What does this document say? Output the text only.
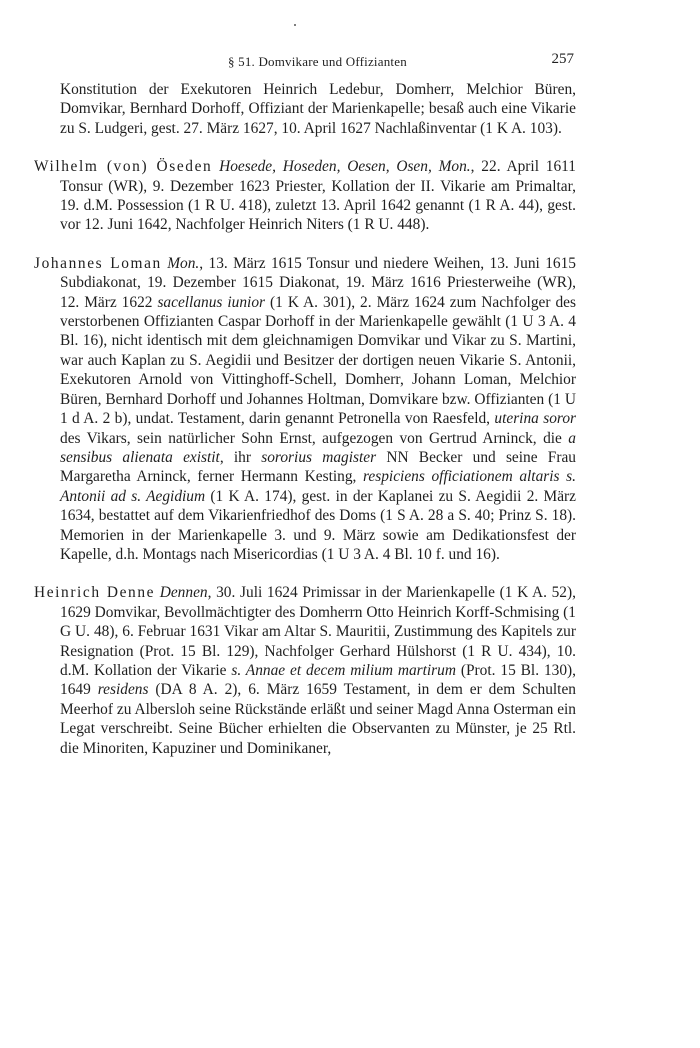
§ 51. Domvikare und Offizianten	257

Konstitution der Exekutoren Heinrich Ledebur, Domherr, Melchior Büren, Domvikar, Bernhard Dorhoff, Offiziant der Marienkapelle; besaß auch eine Vikarie zu S. Ludgeri, gest. 27. März 1627, 10. April 1627 Nachlaßinventar (1 K A. 103).

Wilhelm (von) Öseden Hoesede, Hoseden, Oesen, Osen, Mon., 22. April 1611 Tonsur (WR), 9. Dezember 1623 Priester, Kollation der II. Vikarie am Primaltar, 19. d.M. Possession (1 R U. 418), zuletzt 13. April 1642 genannt (1 R A. 44), gest. vor 12. Juni 1642, Nachfolger Heinrich Niters (1 R U. 448).

Johannes Loman Mon., 13. März 1615 Tonsur und niedere Weihen, 13. Juni 1615 Subdiakonat, 19. Dezember 1615 Diakonat, 19. März 1616 Priesterweihe (WR), 12. März 1622 sacellanus iunior (1 K A. 301), 2. März 1624 zum Nachfolger des verstorbenen Offizianten Caspar Dorhoff in der Marienkapelle gewählt (1 U 3 A. 4 Bl. 16), nicht identisch mit dem gleichnamigen Domvikar und Vikar zu S. Martini, war auch Kaplan zu S. Aegidii und Besitzer der dortigen neuen Vikarie S. Antonii, Exekutoren Arnold von Vittinghoff-Schell, Domherr, Johann Loman, Melchior Büren, Bernhard Dorhoff und Johannes Holtman, Domvikare bzw. Offizianten (1 U 1 d A. 2 b), undat. Testament, darin genannt Petronella von Raesfeld, uterina soror des Vikars, sein natürlicher Sohn Ernst, aufgezogen von Gertrud Arninck, die a sensibus alienata existit, ihr sororius magister NN Becker und seine Frau Margaretha Arninck, ferner Hermann Kesting, respiciens officiationem altaris s. Antonii ad s. Aegidium (1 K A. 174), gest. in der Kaplanei zu S. Aegidii 2. März 1634, bestattet auf dem Vikarienfriedhof des Doms (1 S A. 28 a S. 40; Prinz S. 18). Memorien in der Marienkapelle 3. und 9. März sowie am Dedikationsfest der Kapelle, d.h. Montags nach Misericordias (1 U 3 A. 4 Bl. 10 f. und 16).

Heinrich Denne Dennen, 30. Juli 1624 Primissar in der Marienkapelle (1 K A. 52), 1629 Domvikar, Bevollmächtigter des Domherrn Otto Heinrich Korff-Schmising (1 G U. 48), 6. Februar 1631 Vikar am Altar S. Mauritii, Zustimmung des Kapitels zur Resignation (Prot. 15 Bl. 129), Nachfolger Gerhard Hülshorst (1 R U. 434), 10. d.M. Kollation der Vikarie s. Annae et decem milium martirum (Prot. 15 Bl. 130), 1649 residens (DA 8 A. 2), 6. März 1659 Testament, in dem er dem Schulten Meerhof zu Albersloh seine Rückstände erläßt und seiner Magd Anna Osterman ein Legat verschreibt. Seine Bücher erhielten die Observanten zu Münster, je 25 Rtl. die Minoriten, Kapuziner und Dominikaner,
